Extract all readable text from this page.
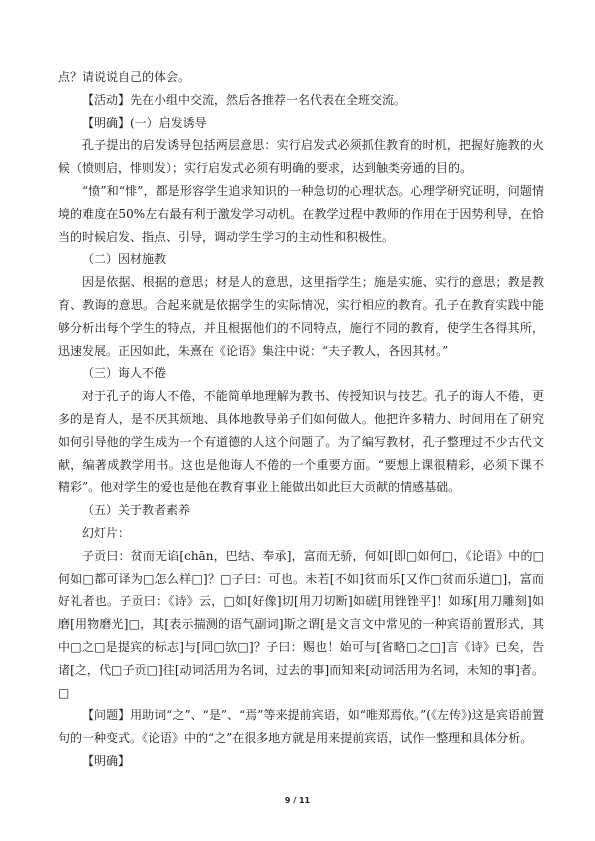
点？请说说自己的体会。

【活动】先在小组中交流，然后各推荐一名代表在全班交流。

【明确】(一）启发诱导

孔子提出的启发诱导包括两层意思：实行启发式必须抓住教育的时机，把握好施教的火候（愤则启，悱则发）；实行启发式必须有明确的要求，达到触类旁通的目的。

“愤”和“悱”，都是形容学生追求知识的一种急切的心理状态。心理学研究证明，问题情境的难度在50%左右最有利于激发学习动机。在教学过程中教师的作用在于因势利导，在恰当的时候启发、指点、引导，调动学生学习的主动性和积极性。

（二）因材施教

因是依据、根据的意思；材是人的意思，这里指学生；施是实施、实行的意思；教是教育、教诲的意思。合起来就是依据学生的实际情况，实行相应的教育。孔子在教育实践中能够分析出每个学生的特点，并且根据他们的不同特点，施行不同的教育，使学生各得其所，迅速发展。正因如此，朱熹在《论语》集注中说：“夫子教人，各因其材。”

（三）诲人不倦

对于孔子的诲人不倦，不能简单地理解为教书、传授知识与技艺。孔子的诲人不倦，更多的是育人，是不厌其烦地、具体地教导弟子们如何做人。他把许多精力、时间用在了研究如何引导他的学生成为一个有道德的人这个问题了。为了编写教材，孔子整理过不少古代文献，编著成教学用书。这也是他诲人不倦的一个重要方面。“要想上课很精彩，必须下课不精彩”。他对学生的爱也是他在教育事业上能做出如此巨大贡献的情感基础。

（五）关于教者素养

幻灯片：

子贡曰：贫而无谄[chān，巴结、奉承]，富而无骄，何如[即□如何□，《论语》中的□何如□都可译为□怎么样□]？□子曰：可也。未若[不如]贫而乐[又作□贫而乐道□]，富而好礼者也。子贡曰：《诗》云，□如[好像]切[用刀切断]如磋[用锉锉平]！如琢[用刀雕刻]如磨[用物磨光]□，其[表示揣测的语气副词]斯之谓[是文言文中常见的一种宾语前置形式，其中□之□是提宾的标志]与[同□欤□]？子曰：赐也！始可与[省略□之□]言《诗》已矣，告诸[之，代□子贡□]往[动词活用为名词，过去的事]而知来[动词活用为名词，未知的事]者。□

【问题】用助词“之”、“是”、“焉”等来提前宾语，如“唯郑焉依。”(《左传》)这是宾语前置句的一种变式。《论语》中的“之”在很多地方就是用来提前宾语，试作一整理和具体分析。

【明确】

9 / 11
